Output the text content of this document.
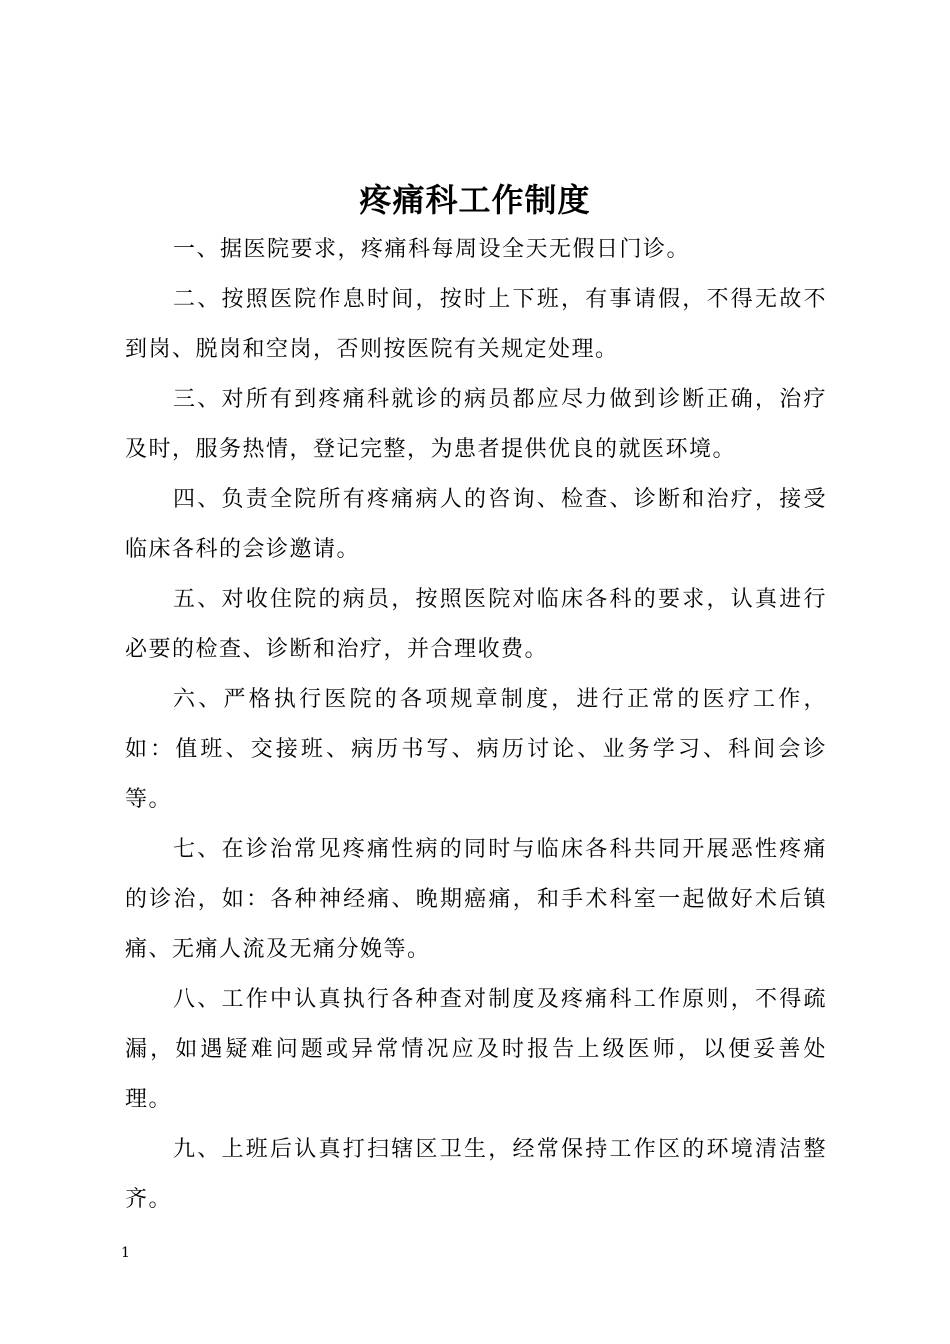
疼痛科工作制度

一、据医院要求，疼痛科每周设全天无假日门诊。

二、按照医院作息时间，按时上下班，有事请假，不得无故不到岗、脱岗和空岗，否则按医院有关规定处理。

三、对所有到疼痛科就诊的病员都应尽力做到诊断正确，治疗及时，服务热情，登记完整，为患者提供优良的就医环境。

四、负责全院所有疼痛病人的咨询、检查、诊断和治疗，接受临床各科的会诊邀请。

五、对收住院的病员，按照医院对临床各科的要求，认真进行必要的检查、诊断和治疗，并合理收费。

六、严格执行医院的各项规章制度，进行正常的医疗工作，如：值班、交接班、病历书写、病历讨论、业务学习、科间会诊等。

七、在诊治常见疼痛性病的同时与临床各科共同开展恶性疼痛的诊治，如：各种神经痛、晚期癌痛，和手术科室一起做好术后镇痛、无痛人流及无痛分娩等。

八、工作中认真执行各种查对制度及疼痛科工作原则，不得疏漏，如遇疑难问题或异常情况应及时报告上级医师，以便妥善处理。

九、上班后认真打扫辖区卫生，经常保持工作区的环境清洁整齐。

1
